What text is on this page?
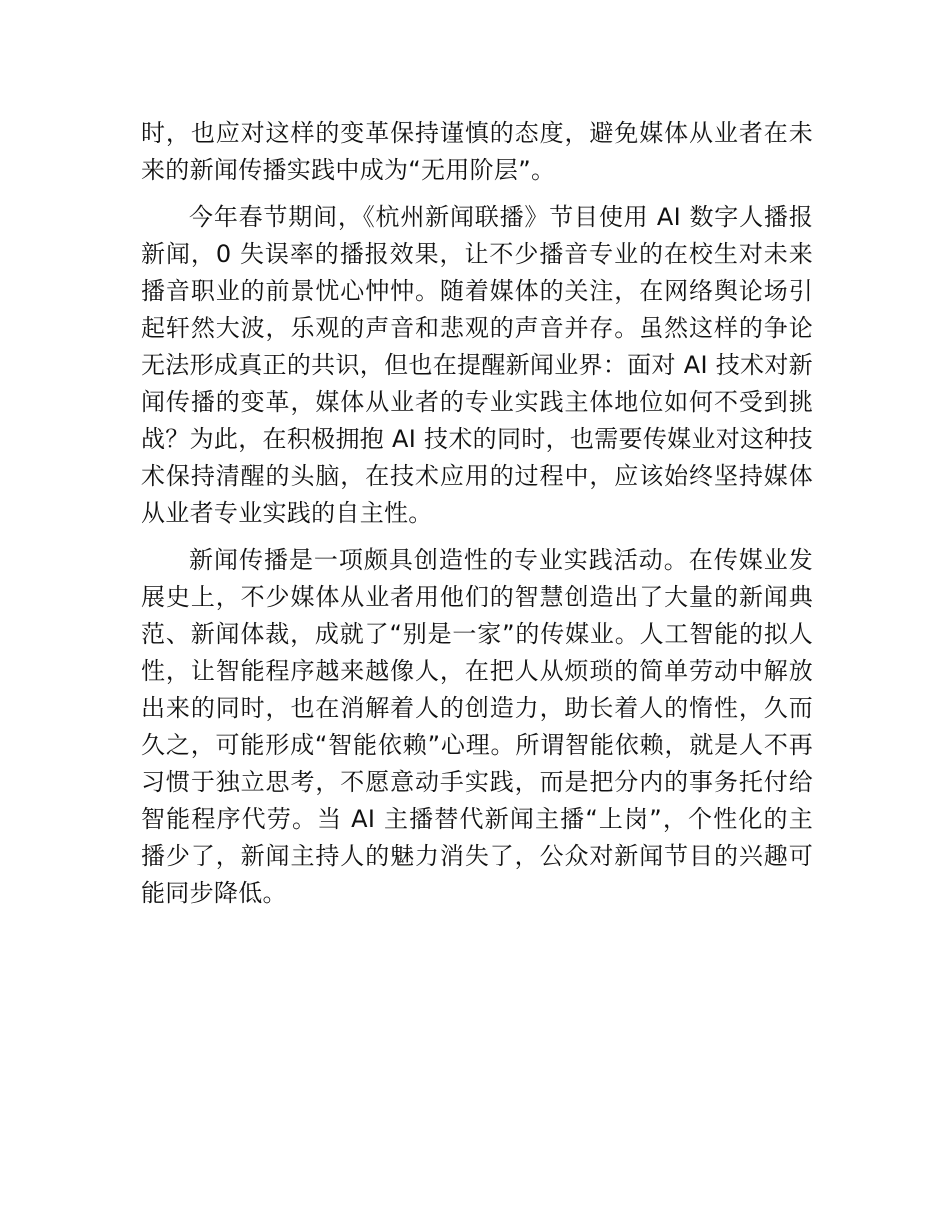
时，也应对这样的变革保持谨慎的态度，避免媒体从业者在未来的新闻传播实践中成为“无用阶层”。

今年春节期间，《杭州新闻联播》节目使用 AI 数字人播报新闻，0 失误率的播报效果，让不少播音专业的在校生对未来播音职业的前景忧心忡忡。随着媒体的关注，在网络舆论场引起轩然大波，乐观的声音和悲观的声音并存。虽然这样的争论无法形成真正的共识，但也在提醒新闻业界：面对 AI 技术对新闻传播的变革，媒体从业者的专业实践主体地位如何不受到挑战？为此，在积极拥抱 AI 技术的同时，也需要传媒业对这种技术保持清醒的头脑，在技术应用的过程中，应该始终坚持媒体从业者专业实践的自主性。

新闻传播是一项颇具创造性的专业实践活动。在传媒业发展史上，不少媒体从业者用他们的智慧创造出了大量的新闻典范、新闻体裁，成就了“别是一家”的传媒业。人工智能的拟人性，让智能程序越来越像人，在把人从烦琐的简单劳动中解放出来的同时，也在消解着人的创造力，助长着人的惰性，久而久之，可能形成“智能依赖”心理。所谓智能依赖，就是人不再习惯于独立思考，不愿意动手实践，而是把分内的事务托付给智能程序代劳。当 AI 主播替代新闻主播“上岗”，个性化的主播少了，新闻主持人的魅力消失了，公众对新闻节目的兴趣可能同步降低。
